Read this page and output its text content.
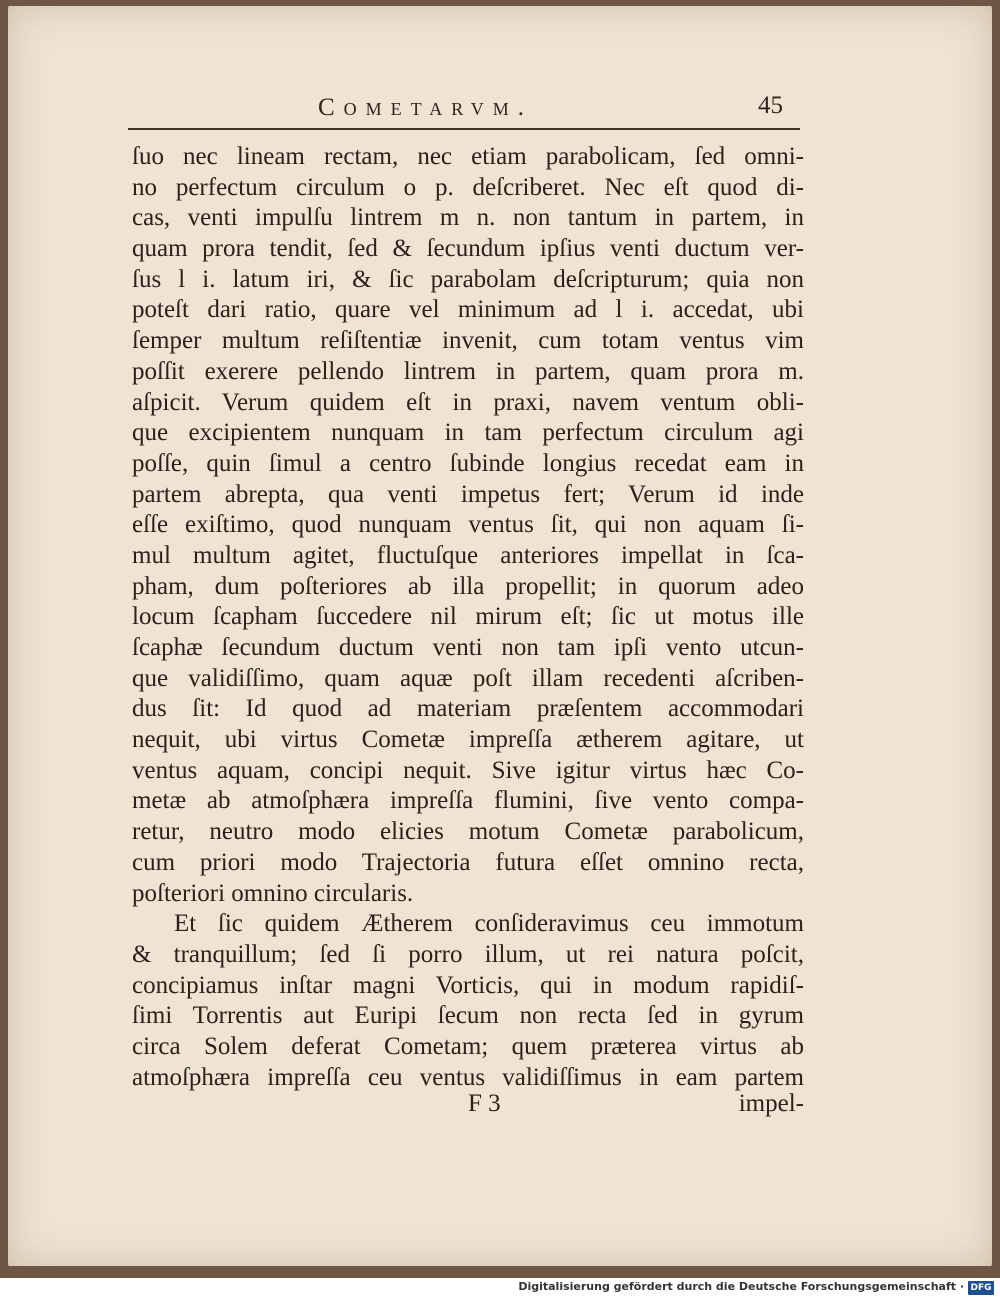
Cometarvm.	45
ſuo nec lineam rectam, nec etiam parabolicam, ſed omni-
no perfectum circulum o p. deſcriberet. Nec eſt quod di-
cas, venti impulſu lintrem m n. non tantum in partem, in
quam prora tendit, ſed & ſecundum ipſius venti ductum ver-
ſus l i. latum iri, & ſic parabolam deſcripturum; quia non
poteſt dari ratio, quare vel minimum ad l i. accedat, ubi
ſemper multum reſiſtentiæ invenit, cum totam ventus vim
poſſit exerere pellendo lintrem in partem, quam prora m.
aſpicit. Verum quidem eſt in praxi, navem ventum obli-
que excipientem nunquam in tam perfectum circulum agi
poſſe, quin ſimul a centro ſubinde longius recedat eam in
partem abrepta, qua venti impetus fert; Verum id inde
eſſe exiſtimo, quod nunquam ventus ſit, qui non aquam ſi-
mul multum agitet, fluctuſque anteriores impellat in ſca-
pham, dum poſteriores ab illa propellit; in quorum adeo
locum ſcapham ſuccedere nil mirum eſt; ſic ut motus ille
ſcaphæ ſecundum ductum venti non tam ipſi vento utcun-
que validiſſimo, quam aquæ poſt illam recedenti aſcriben-
dus ſit: Id quod ad materiam præſentem accommodari
nequit, ubi virtus Cometæ impreſſa ætherem agitare, ut
ventus aquam, concipi nequit. Sive igitur virtus hæc Co-
metæ ab atmoſphæra impreſſa flumini, ſive vento compa-
retur, neutro modo elicies motum Cometæ parabolicum,
cum priori modo Trajectoria futura eſſet omnino recta,
poſteriori omnino circularis.
Et ſic quidem Ætherem conſideravimus ceu immotum
& tranquillum; ſed ſi porro illum, ut rei natura poſcit,
concipiamus inſtar magni Vorticis, qui in modum rapidiſ-
ſimi Torrentis aut Euripi ſecum non recta ſed in gyrum
circa Solem deferat Cometam; quem præterea virtus ab
atmoſphæra impreſſa ceu ventus validiſſimus in eam partem
F 3	impel-
Digitalisierung gefördert durch die Deutsche Forschungsgemeinschaft · DFG
